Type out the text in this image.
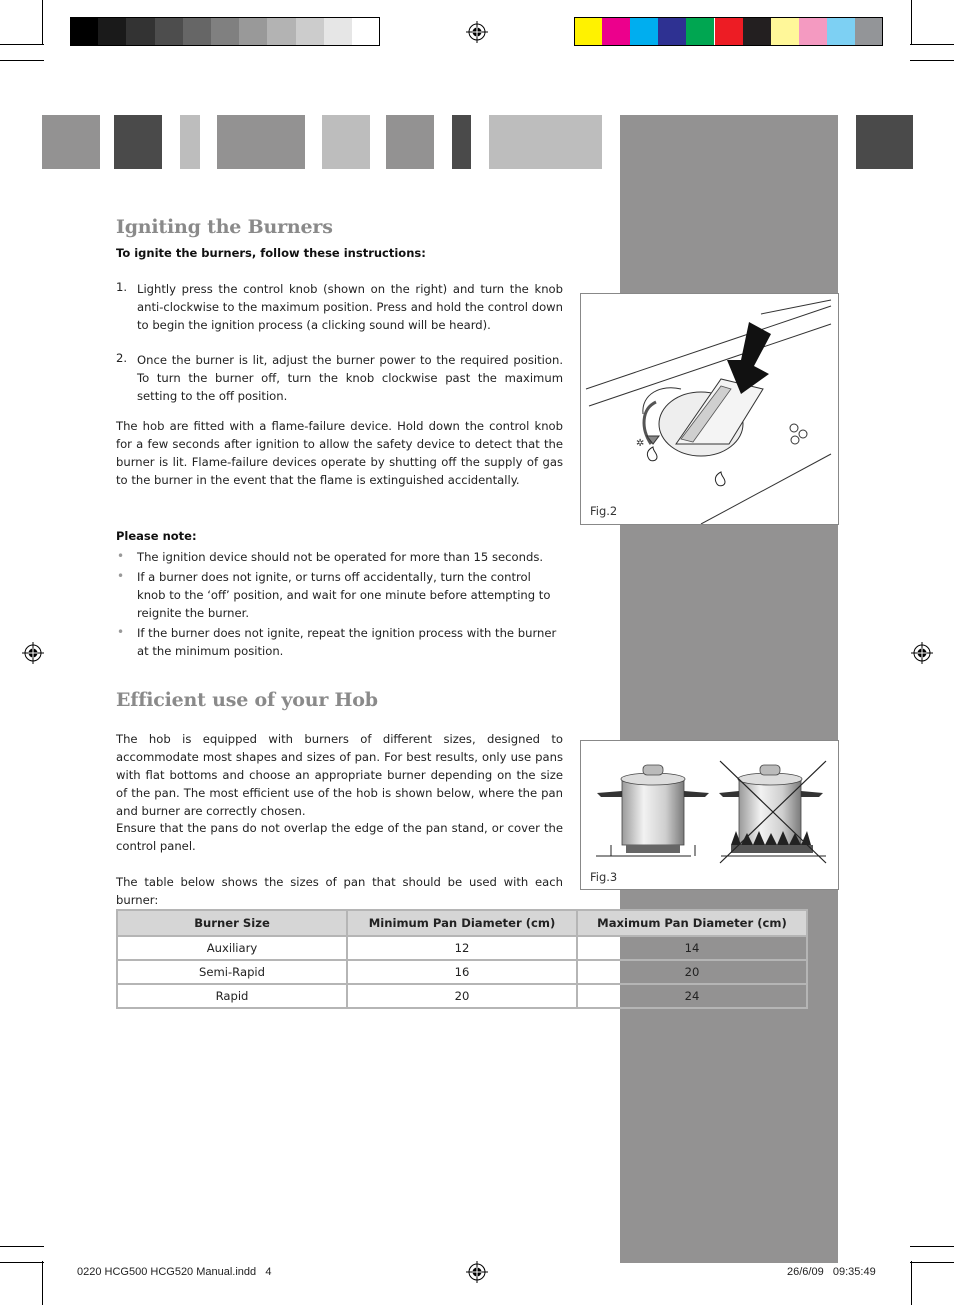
Igniting the Burners
To ignite the burners, follow these instructions:
1. Lightly press the control knob (shown on the right) and turn the knob anti-clockwise to the maximum position. Press and hold the control down to begin the ignition process (a clicking sound will be heard).
2. Once the burner is lit, adjust the burner power to the required position. To turn the burner off, turn the knob clockwise past the maximum setting to the off position.
The hob are fitted with a flame-failure device. Hold down the control knob for a few seconds after ignition to allow the safety device to detect that the burner is lit. Flame-failure devices operate by shutting off the supply of gas to the burner in the event that the flame is extinguished accidentally.
Please note:
• The ignition device should not be operated for more than 15 seconds.
• If a burner does not ignite, or turns off accidentally, turn the control knob to the ‘off’ position, and wait for one minute before attempting to reignite the burner.
• If the burner does not ignite, repeat the ignition process with the burner at the minimum position.
✲
Fig.2
Efficient use of your Hob
The hob is equipped with burners of different sizes, designed to accommodate most shapes and sizes of pan. For best results, only use pans with flat bottoms and choose an appropriate burner depending on the size of the pan. The most efficient use of the hob is shown below, where the pan and burner are correctly chosen.
Ensure that the pans do not overlap the edge of the pan stand, or cover the control panel.
The table below shows the sizes of pan that should be used with each burner:
Fig.3
Burner Size	Minimum Pan Diameter (cm)	Maximum Pan Diameter (cm)
Auxiliary	12	14
Semi-Rapid	16	20
Rapid	20	24
0220 HCG500 HCG520 Manual.indd   4	26/6/09   09:35:49
